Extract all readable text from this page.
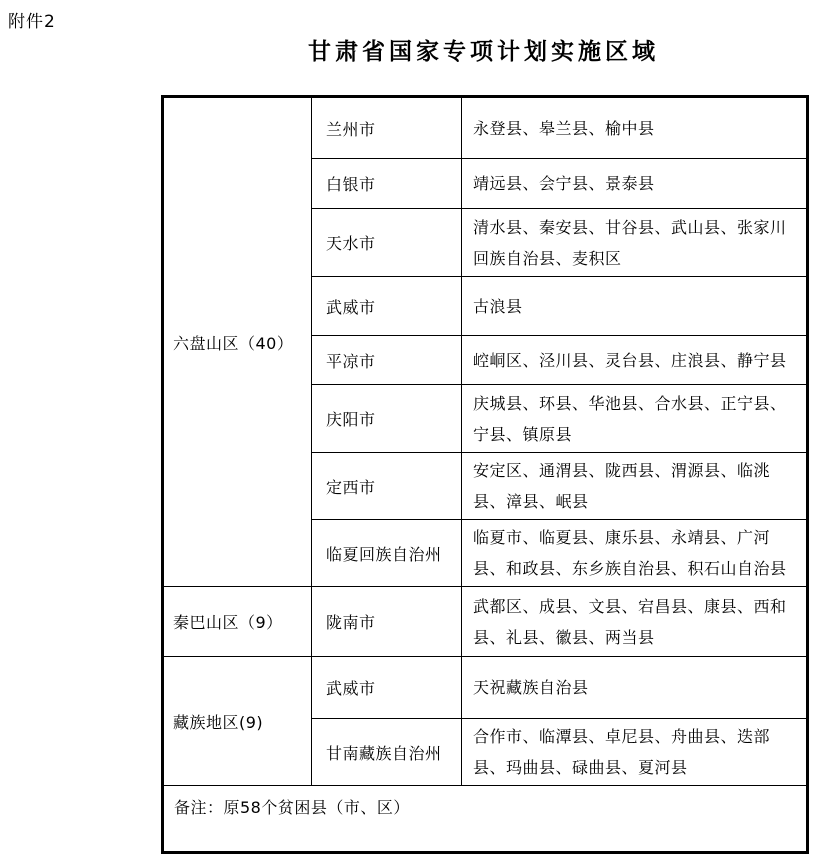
附件2
甘肃省国家专项计划实施区域
六盘山区（40）	兰州市	永登县、皋兰县、榆中县
	白银市	靖远县、会宁县、景泰县
	天水市	清水县、秦安县、甘谷县、武山县、张家川回族自治县、麦积区
	武威市	古浪县
	平凉市	崆峒区、泾川县、灵台县、庄浪县、静宁县
	庆阳市	庆城县、环县、华池县、合水县、正宁县、宁县、镇原县
	定西市	安定区、通渭县、陇西县、渭源县、临洮县、漳县、岷县
	临夏回族自治州	临夏市、临夏县、康乐县、永靖县、广河县、和政县、东乡族自治县、积石山自治县
秦巴山区（9）	陇南市	武都区、成县、文县、宕昌县、康县、西和县、礼县、徽县、两当县
藏族地区(9)	武威市	天祝藏族自治县
	甘南藏族自治州	合作市、临潭县、卓尼县、舟曲县、迭部县、玛曲县、碌曲县、夏河县
备注：原58个贫困县（市、区）		
